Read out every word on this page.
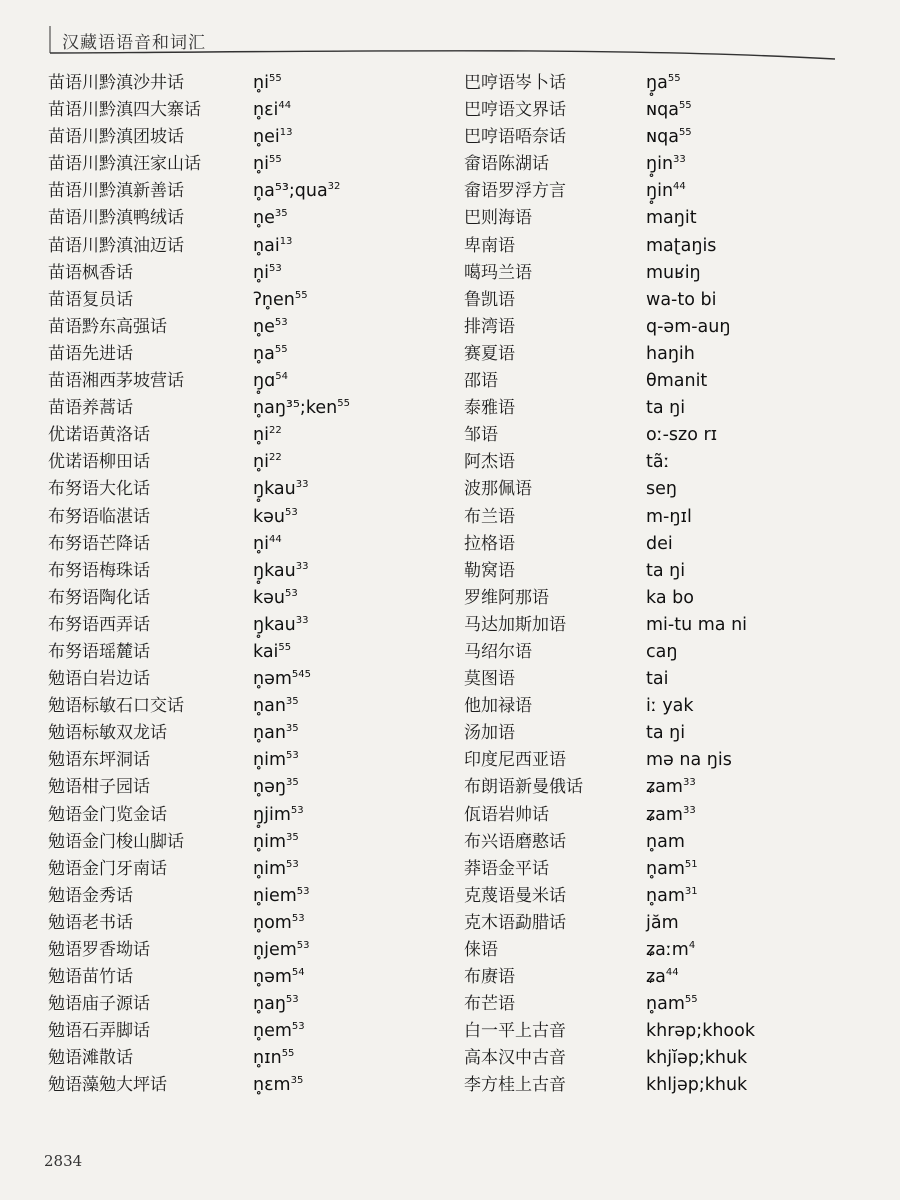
汉藏语语音和词汇
苗语川黔滇沙井话	$n̥i^{55}$
苗语川黔滇四大寨话	n̥ɛi$^{44}$
苗语川黔滇团坡话	$n̥ei^{13}$
苗语川黔滇汪家山话	$n̥i^{55}$
苗语川黔滇新善话	n̥a⁵³;qua$^{32}$
苗语川黔滇鸭绒话	$n̥e^{35}$
苗语川黔滇油迈话	$n̥ai^{13}$
苗语枫香话	$n̥i^{53}$
苗语复员话	$ʔn̥en^{55}$
苗语黔东高强话	$n̥e^{53}$
苗语先进话	$n̥a^{55}$
苗语湘西茅坡营话	ŋ̥ɑ$^{54}$
苗语养蒿话	n̥aŋ³⁵;ken$^{55}$
优诺语黄洛话	$n̥i^{22}$
优诺语柳田话	$n̥i^{22}$
布努语大化话	ŋ̥kau$^{33}$
布努语临湛话	kəu$^{53}$
布努语芒降话	$n̥i^{44}$
布努语梅珠话	ŋ̥kau$^{33}$
布努语陶化话	kəu$^{53}$
布努语西弄话	ŋ̥kau$^{33}$
布努语瑶麓话	kai$^{55}$
勉语白岩边话	n̥əm$^{545}$
勉语标敏石口交话	$n̥an^{35}$
勉语标敏双龙话	$n̥an^{35}$
勉语东坪洞话	$n̥im^{53}$
勉语柑子园话	n̥əŋ$^{35}$
勉语金门览金话	ŋ̥jim$^{53}$
勉语金门梭山脚话	$n̥im^{35}$
勉语金门牙南话	$n̥im^{53}$
勉语金秀话	n̥iem$^{53}$
勉语老书话	$n̥om^{53}$
勉语罗香坳话	n̥jem$^{53}$
勉语苗竹话	n̥əm$^{54}$
勉语庙子源话	$n̥aŋ^{53}$
勉语石弄脚话	$n̥em^{53}$
勉语滩散话	n̥ɪn$^{55}$
勉语藻勉大坪话	n̥ɛm$^{35}$
巴哼语岑卜话	$ŋ̥a^{55}$
巴哼语文界话	ɴqa$^{55}$
巴哼语唔奈话	ɴqa$^{55}$
畲语陈湖话	$ŋ̥in^{33}$
畲语罗浮方言	$ŋ̥in^{44}$
巴则海语	maŋit
卑南语	maʈaŋis
噶玛兰语	muʁiŋ
鲁凯语	wa-to bi
排湾语	q-əm-auŋ
赛夏语	haŋih
邵语	θmanit
泰雅语	ta ŋi
邹语	oː-szo rɪ
阿杰语	tãː
波那佩语	seŋ
布兰语	m-ŋɪl
拉格语	dei
勒窝语	ta ŋi
罗维阿那语	ka bo
马达加斯加语	mi-tu ma ni
马绍尔语	caŋ
莫图语	tai
他加禄语	iː yak
汤加语	ta ŋi
印度尼西亚语	mə na ŋis
布朗语新曼俄话	ʑam$^{33}$
佤语岩帅话	ʑam$^{33}$
布兴语磨憨话	n̥am
莽语金平话	$n̥am^{51}$
克蔑语曼米话	$n̥am^{31}$
克木语勐腊话	jăm
俫语	ʑaːm$^4$
布赓语	ʑa$^{44}$
布芒语	$n̥am^{55}$
白一平上古音	khrəp;khook
高本汉中古音	khjĭəp;khuk
李方桂上古音	khljəp;khuk
2834
